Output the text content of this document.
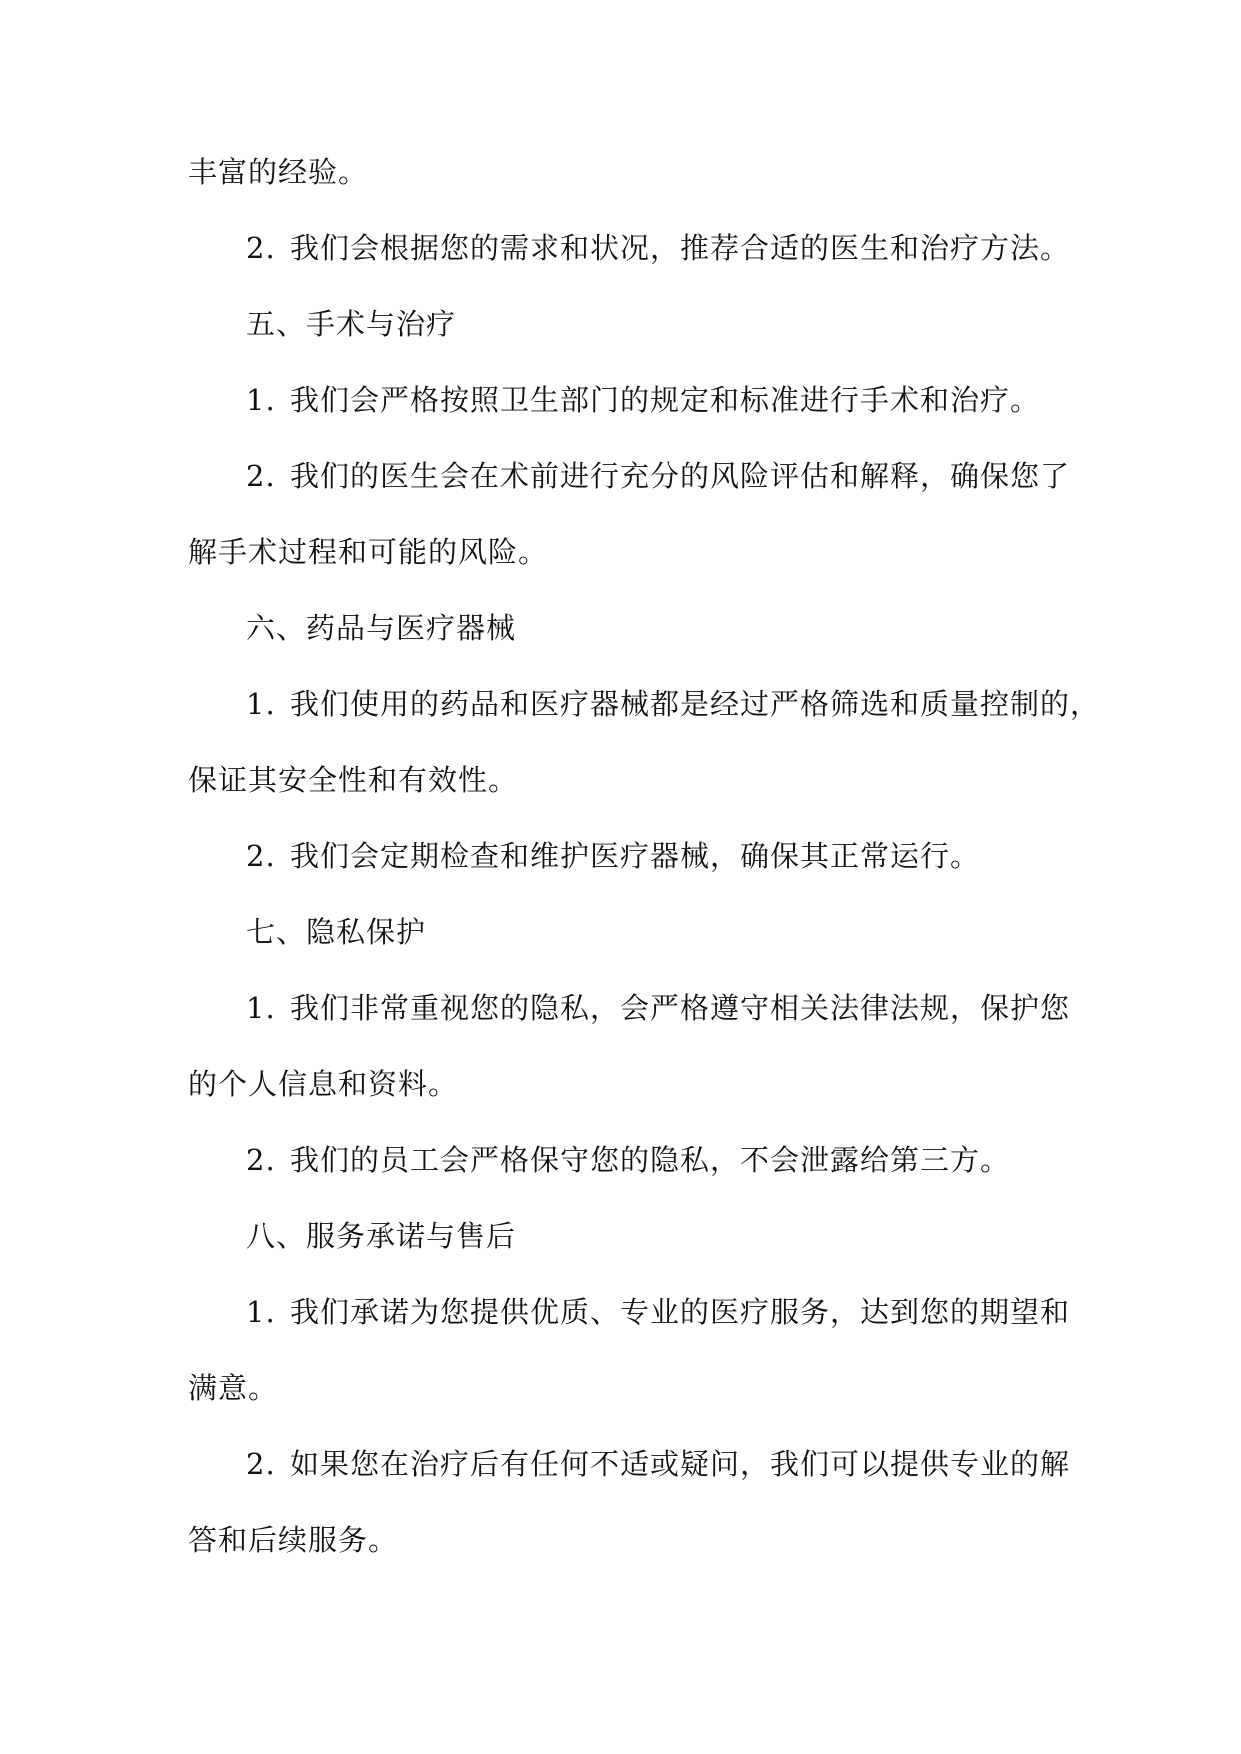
丰富的经验。
2. 我们会根据您的需求和状况，推荐合适的医生和治疗方法。
五、手术与治疗
1. 我们会严格按照卫生部门的规定和标准进行手术和治疗。
2. 我们的医生会在术前进行充分的风险评估和解释，确保您了
解手术过程和可能的风险。
六、药品与医疗器械
1. 我们使用的药品和医疗器械都是经过严格筛选和质量控制的，
保证其安全性和有效性。
2. 我们会定期检查和维护医疗器械，确保其正常运行。
七、隐私保护
1. 我们非常重视您的隐私，会严格遵守相关法律法规，保护您
的个人信息和资料。
2. 我们的员工会严格保守您的隐私，不会泄露给第三方。
八、服务承诺与售后
1. 我们承诺为您提供优质、专业的医疗服务，达到您的期望和
满意。
2. 如果您在治疗后有任何不适或疑问，我们可以提供专业的解
答和后续服务。
